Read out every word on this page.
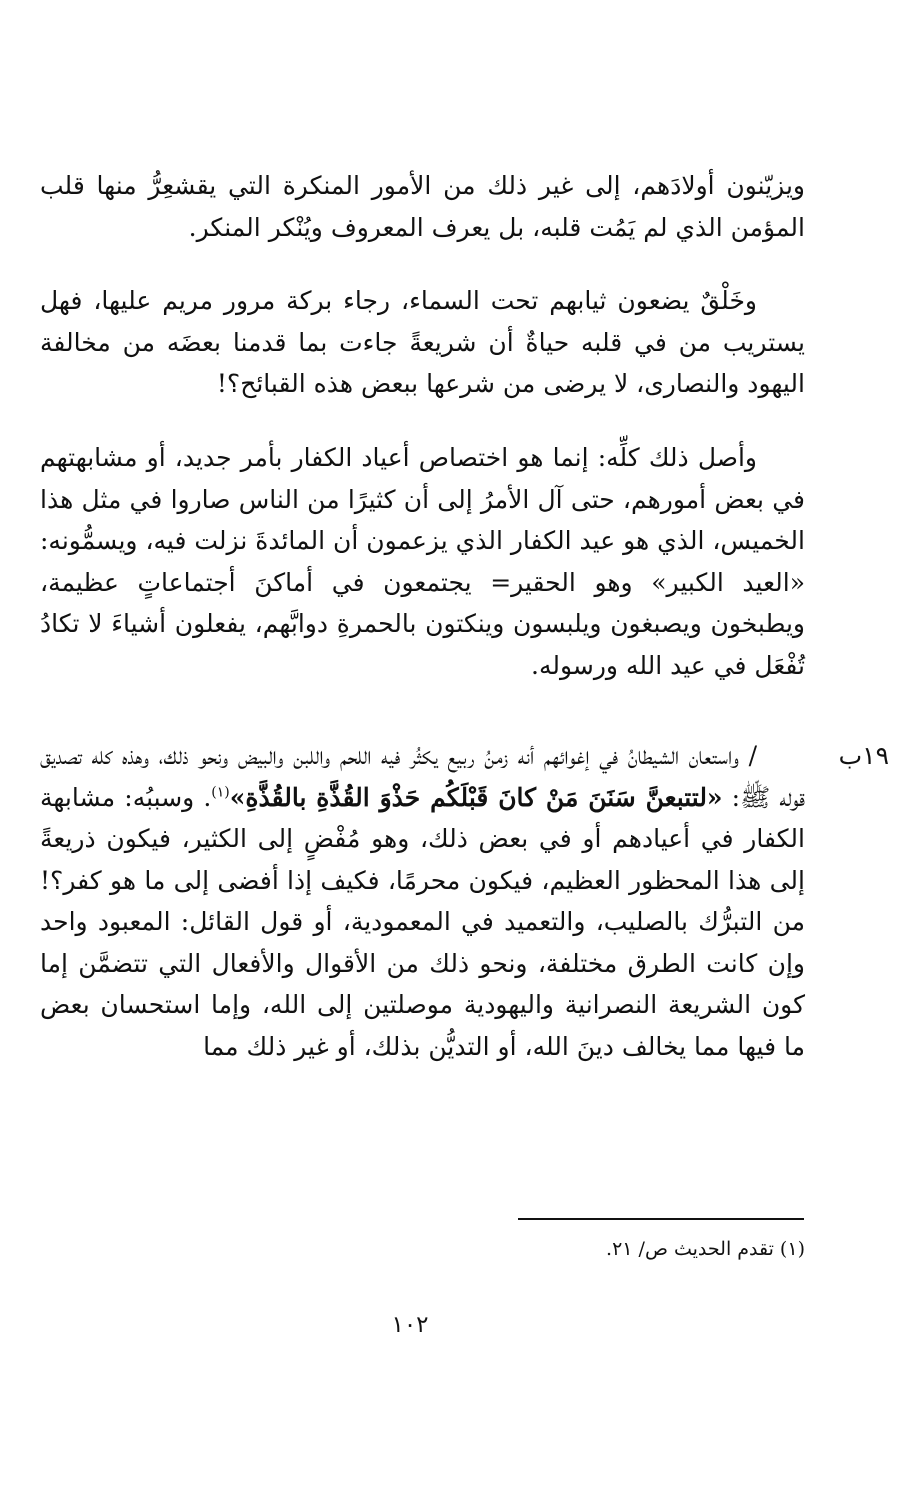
ويزيّنون أولادَهم، إلى غير ذلك من الأمور المنكرة التي يقشعِرُّ منها قلب المؤمن الذي لم يَمُت قلبه، بل يعرف المعروف ويُنْكر المنكر.

وخَلْقٌ يضعون ثيابهم تحت السماء، رجاء بركة مرور مريم عليها، فهل يستريب من في قلبه حياةٌ أن شريعةً جاءت بما قدمنا بعضَه من مخالفة اليهود والنصارى، لا يرضى من شرعها ببعض هذه القبائح؟!

وأصل ذلك كلِّه: إنما هو اختصاص أعياد الكفار بأمر جديد، أو مشابهتهم في بعض أمورهم، حتى آل الأمرُ إلى أن كثيرًا من الناس صاروا في مثل هذا الخميس، الذي هو عيد الكفار الذي يزعمون أن المائدةَ نزلت فيه، ويسمُّونه: «العيد الكبير» وهو الحقير= يجتمعون في أماكنَ أجتماعاتٍ عظيمة، ويطبخون ويصبغون ويلبسون وينكتون بالحمرةِ دوابَّهم، يفعلون أشياءَ لا تكادُ تُفْعَل في عيد الله ورسوله.

١٩ب

/ واستعان الشيطانُ في إغوائهم أنه زمنُ ربيع يكثُر فيه اللحم واللبن والبيض ونحو ذلك، وهذه كله تصديق قوله ﷺ: «لتتبعنَّ سَنَنَ مَنْ كانَ قَبْلَكُم حَذْوَ القُذَّةِ بالقُذَّةِ»$^{(١)}$. وسببُه: مشابهة الكفار في أعيادهم أو في بعض ذلك، وهو مُفْضٍ إلى الكثير، فيكون ذريعةً إلى هذا المحظور العظيم، فيكون محرمًا، فكيف إذا أفضى إلى ما هو كفر؟! من التبرُّك بالصليب، والتعميد في المعمودية، أو قول القائل: المعبود واحد وإن كانت الطرق مختلفة، ونحو ذلك من الأقوال والأفعال التي تتضمَّن إما كون الشريعة النصرانية واليهودية موصلتين إلى الله، وإما استحسان بعض ما فيها مما يخالف دينَ الله، أو التديُّن بذلك، أو غير ذلك مما

(١) تقدم الحديث ص/ ٢١.
١٠٢
